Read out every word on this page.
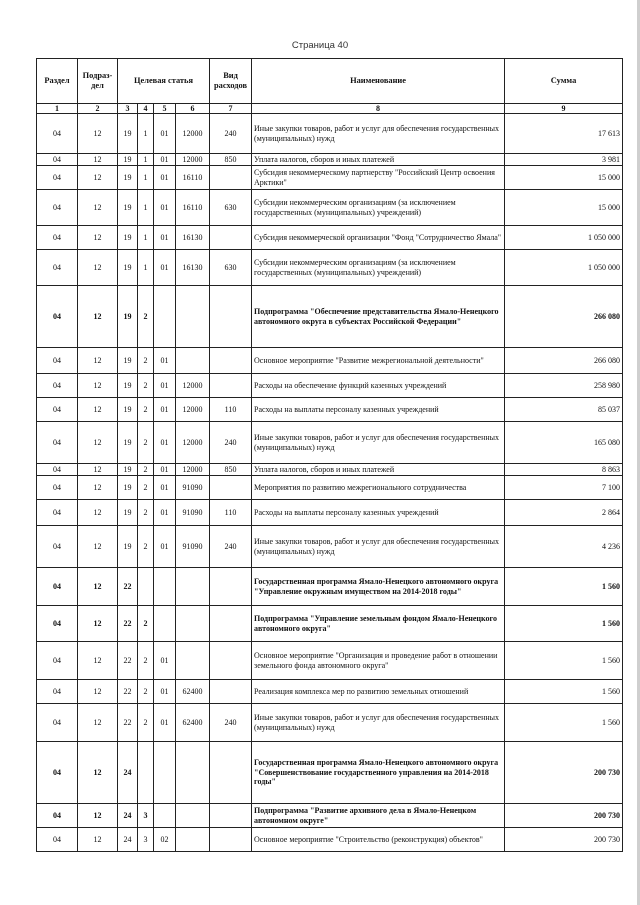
Страница 40
Раздел	Подраз-дел	Целевая статья				Вид расходов	Наименование	Сумма
1	2	3	4	5	6	7	8	9
04	12	19	1	01	12000	240	Иные закупки товаров, работ и услуг для обеспечения государственных (муниципальных) нужд	17 613
04	12	19	1	01	12000	850	Уплата налогов, сборов и иных платежей	3 981
04	12	19	1	01	16110		Субсидия некоммерческому партнерству "Российский Центр освоения Арктики"	15 000
04	12	19	1	01	16110	630	Субсидии некоммерческим организациям (за исключением государственных (муниципальных) учреждений)	15 000
04	12	19	1	01	16130		Субсидия некоммерческой организации "Фонд "Сотрудничество Ямала"	1 050 000
04	12	19	1	01	16130	630	Субсидии некоммерческим организациям (за исключением государственных (муниципальных) учреждений)	1 050 000
04	12	19	2				Подпрограмма "Обеспечение представительства Ямало-Ненецкого автономного округа в субъектах Российской Федерации"	266 080
04	12	19	2	01			Основное мероприятие "Развитие межрегиональной деятельности"	266 080
04	12	19	2	01	12000		Расходы на обеспечение функций казенных учреждений	258 980
04	12	19	2	01	12000	110	Расходы на выплаты персоналу казенных учреждений	85 037
04	12	19	2	01	12000	240	Иные закупки товаров, работ и услуг для обеспечения государственных (муниципальных) нужд	165 080
04	12	19	2	01	12000	850	Уплата налогов, сборов и иных платежей	8 863
04	12	19	2	01	91090		Мероприятия по развитию межрегионального сотрудничества	7 100
04	12	19	2	01	91090	110	Расходы на выплаты персоналу казенных учреждений	2 864
04	12	19	2	01	91090	240	Иные закупки товаров, работ и услуг для обеспечения государственных (муниципальных) нужд	4 236
04	12	22					Государственная программа Ямало-Ненецкого автономного округа "Управление окружным имуществом на 2014-2018 годы"	1 560
04	12	22	2				Подпрограмма "Управление земельным фондом Ямало-Ненецкого автономного округа"	1 560
04	12	22	2	01			Основное мероприятие "Организация и проведение работ в отношении земельного фонда автономного округа"	1 560
04	12	22	2	01	62400		Реализация комплекса мер по развитию земельных отношений	1 560
04	12	22	2	01	62400	240	Иные закупки товаров, работ и услуг для обеспечения государственных (муниципальных) нужд	1 560
04	12	24					Государственная программа Ямало-Ненецкого автономного округа "Совершенствование государственного управления на 2014-2018 годы"	200 730
04	12	24	3				Подпрограмма "Развитие архивного дела в Ямало-Ненецком автономном округе"	200 730
04	12	24	3	02			Основное мероприятие "Строительство (реконструкция) объектов"	200 730
